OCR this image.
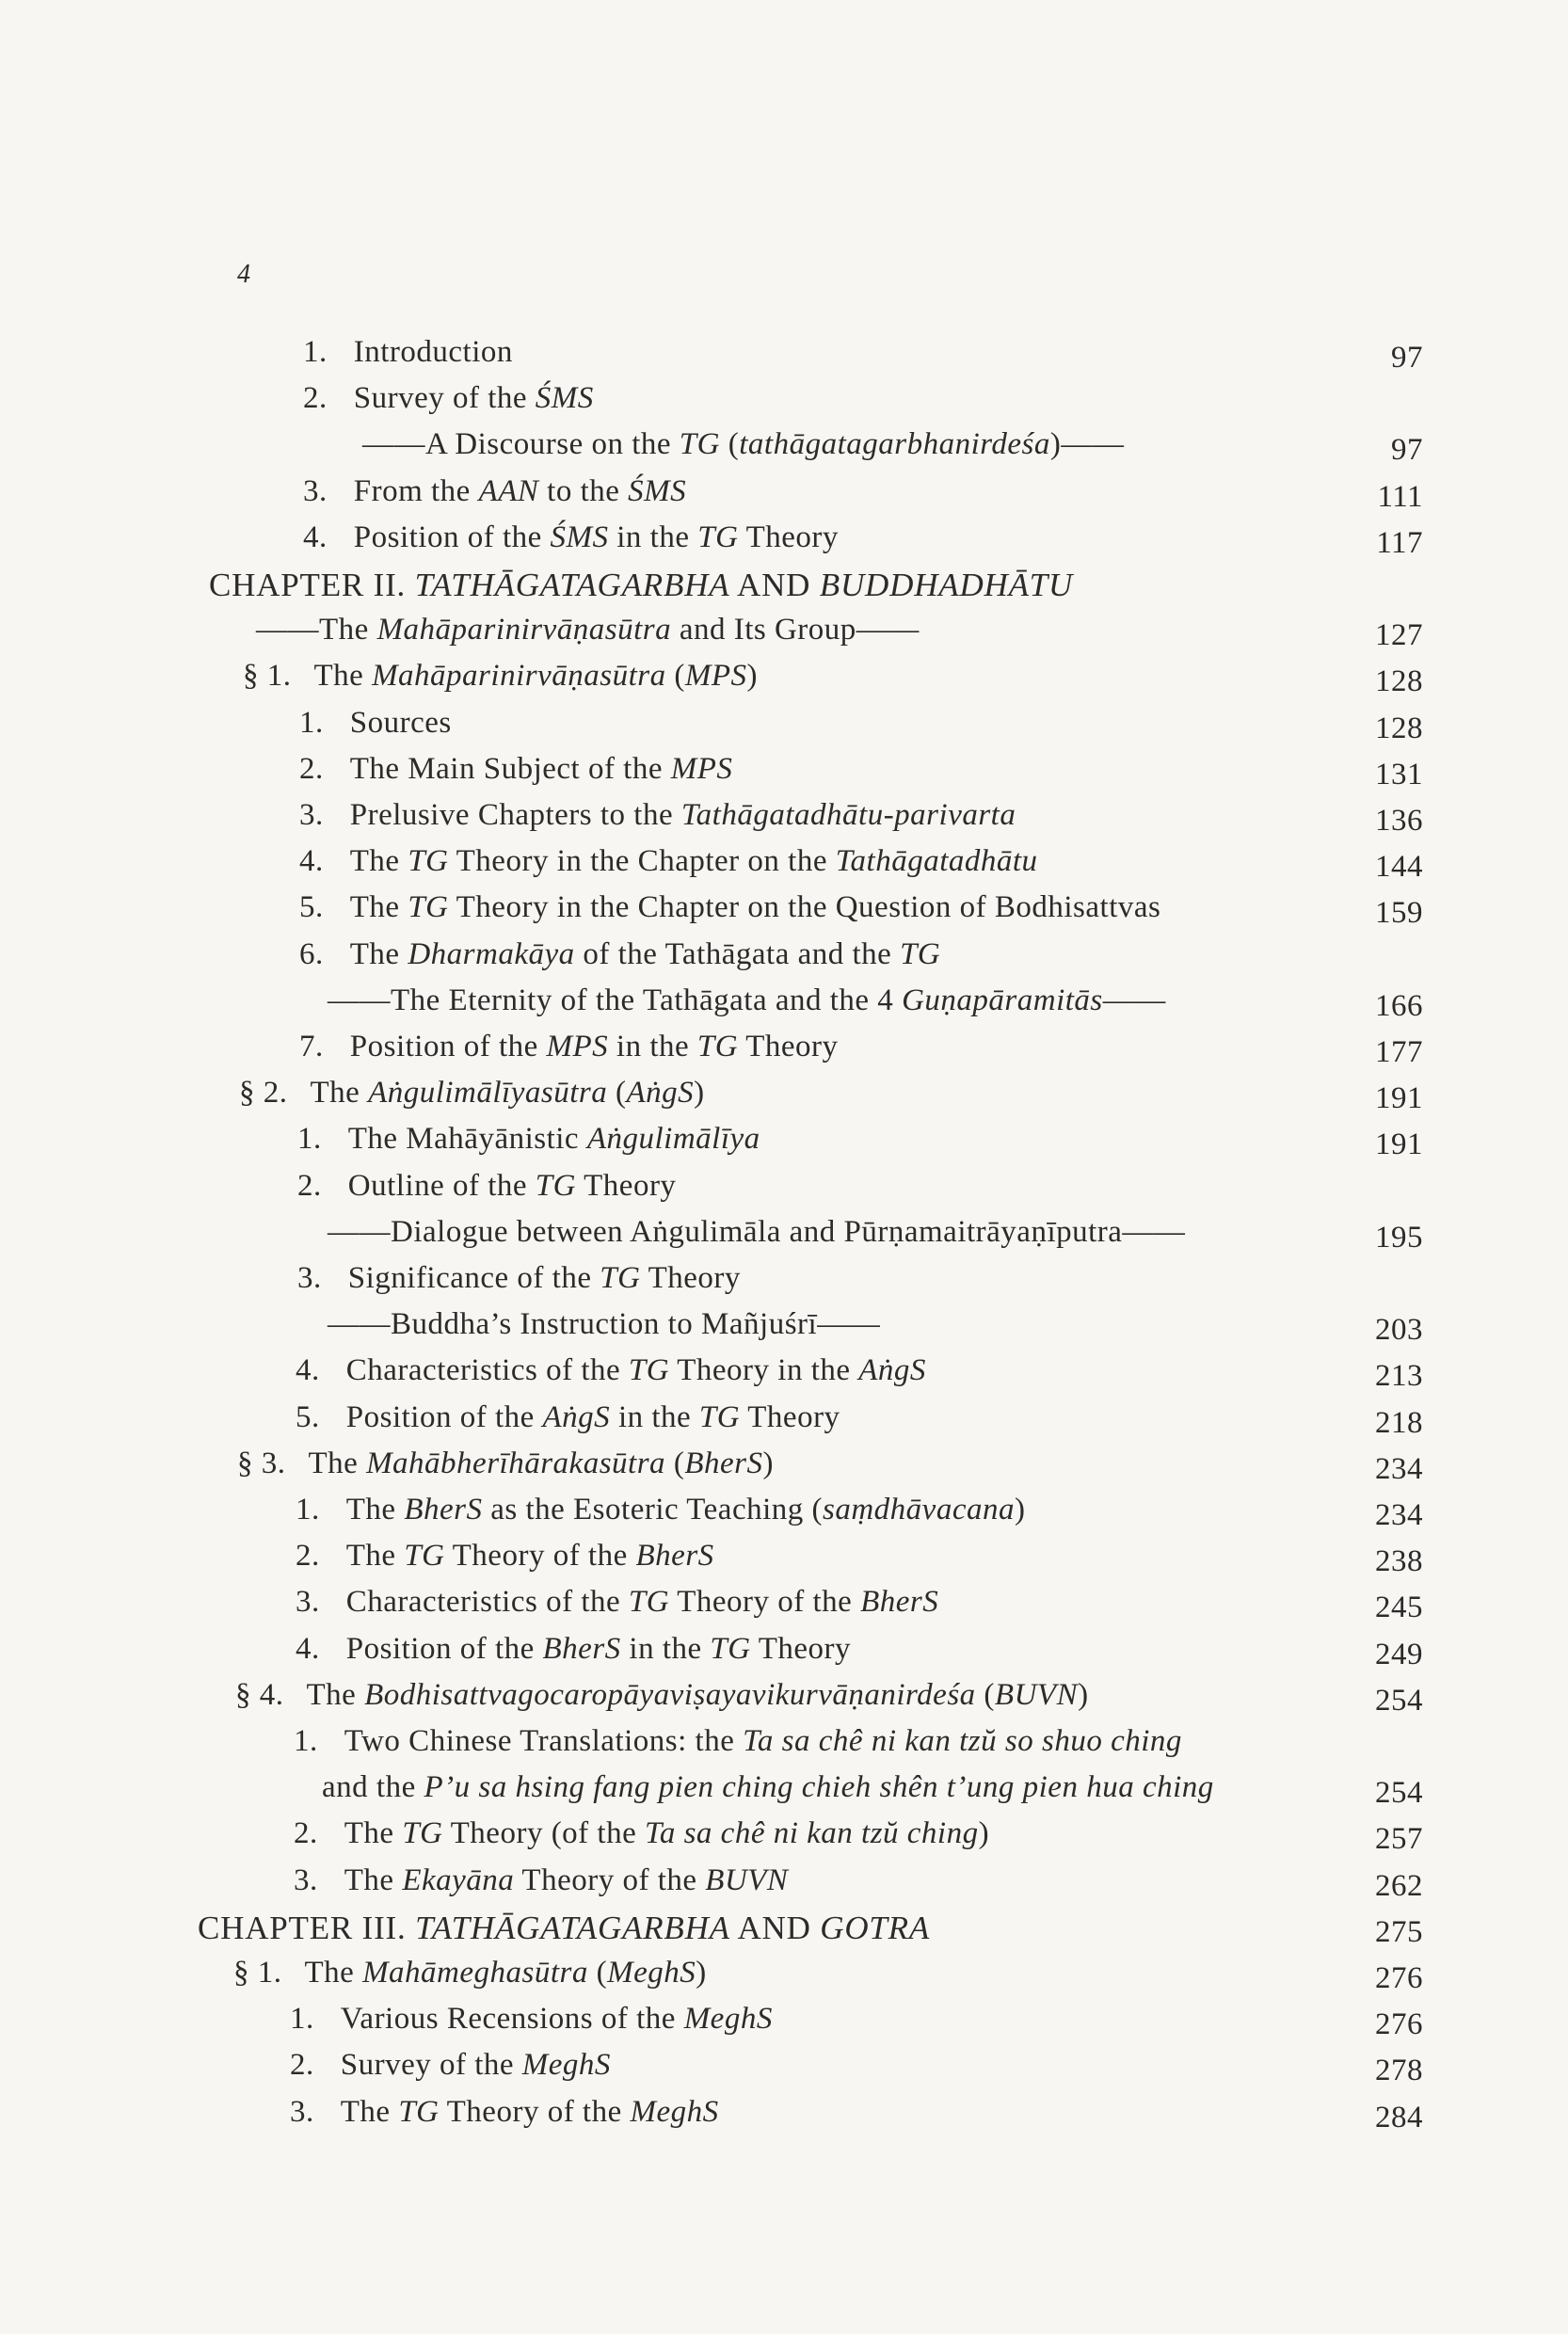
4
1. Introduction	97
2. Survey of the ŚMS
——A Discourse on the TG (tathāgatagarbhanirdeśa)——	97
3. From the AAN to the ŚMS	111
4. Position of the ŚMS in the TG Theory	117
CHAPTER II. TATHĀGATAGARBHA AND BUDDHADHĀTU
——The Mahāparinirvāṇasūtra and Its Group——	127
§ 1. The Mahāparinirvāṇasūtra (MPS)	128
1. Sources	128
2. The Main Subject of the MPS	131
3. Prelusive Chapters to the Tathāgatadhātu-parivarta	136
4. The TG Theory in the Chapter on the Tathāgatadhātu	144
5. The TG Theory in the Chapter on the Question of Bodhisattvas	159
6. The Dharmakāya of the Tathāgata and the TG
——The Eternity of the Tathāgata and the 4 Guṇapāramitās——	166
7. Position of the MPS in the TG Theory	177
§ 2. The Aṅgulimālīyasūtra (AṅgS)	191
1. The Mahāyānistic Aṅgulimālīya	191
2. Outline of the TG Theory
——Dialogue between Aṅgulimāla and Pūrṇamaitrāyaṇīputra——	195
3. Significance of the TG Theory
——Buddha’s Instruction to Mañjuśrī——	203
4. Characteristics of the TG Theory in the AṅgS	213
5. Position of the AṅgS in the TG Theory	218
§ 3. The Mahābherīhārakasūtra (BherS)	234
1. The BherS as the Esoteric Teaching (saṃdhāvacana)	234
2. The TG Theory of the BherS	238
3. Characteristics of the TG Theory of the BherS	245
4. Position of the BherS in the TG Theory	249
§ 4. The Bodhisattvagocaropāyaviṣayavikurvāṇanirdeśa (BUVN)	254
1. Two Chinese Translations: the Ta sa chê ni kan tzŭ so shuo ching
and the P’u sa hsing fang pien ching chieh shên t’ung pien hua ching	254
2. The TG Theory (of the Ta sa chê ni kan tzŭ ching)	257
3. The Ekayāna Theory of the BUVN	262
CHAPTER III. TATHĀGATAGARBHA AND GOTRA	275
§ 1. The Mahāmeghasūtra (MeghS)	276
1. Various Recensions of the MeghS	276
2. Survey of the MeghS	278
3. The TG Theory of the MeghS	284
